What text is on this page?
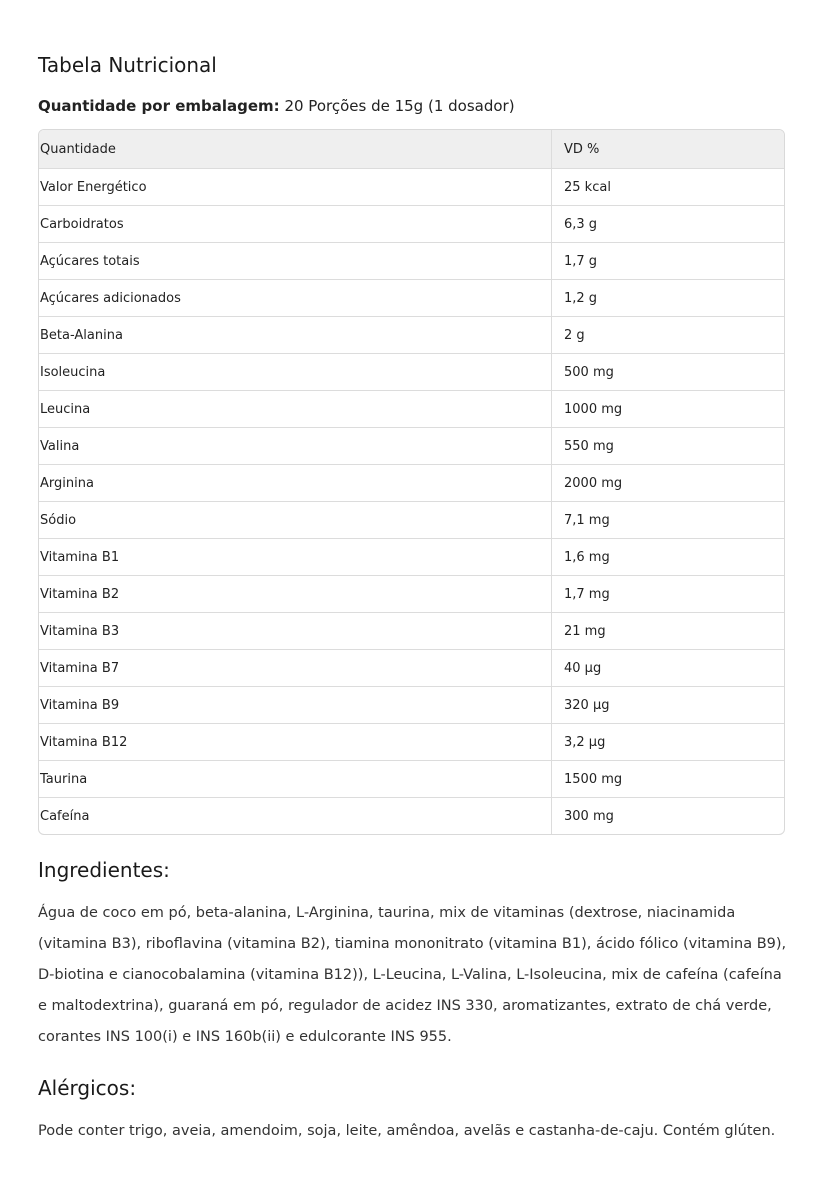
Tabela Nutricional
Quantidade por embalagem: 20 Porções de 15g (1 dosador)
Quantidade	VD %
Valor Energético	25 kcal
Carboidratos	6,3 g
Açúcares totais	1,7 g
Açúcares adicionados	1,2 g
Beta-Alanina	2 g
Isoleucina	500 mg
Leucina	1000 mg
Valina	550 mg
Arginina	2000 mg
Sódio	7,1 mg
Vitamina B1	1,6 mg
Vitamina B2	1,7 mg
Vitamina B3	21 mg
Vitamina B7	40 µg
Vitamina B9	320 µg
Vitamina B12	3,2 µg
Taurina	1500 mg
Cafeína	300 mg
Ingredientes:
Água de coco em pó, beta-alanina, L-Arginina, taurina, mix de vitaminas (dextrose, niacinamida (vitamina B3), riboflavina (vitamina B2), tiamina mononitrato (vitamina B1), ácido fólico (vitamina B9), D-biotina e cianocobalamina (vitamina B12)), L-Leucina, L-Valina, L-Isoleucina, mix de cafeína (cafeína e maltodextrina), guaraná em pó, regulador de acidez INS 330, aromatizantes, extrato de chá verde, corantes INS 100(i) e INS 160b(ii) e edulcorante INS 955.
Alérgicos:
Pode conter trigo, aveia, amendoim, soja, leite, amêndoa, avelãs e castanha-de-caju. Contém glúten.
